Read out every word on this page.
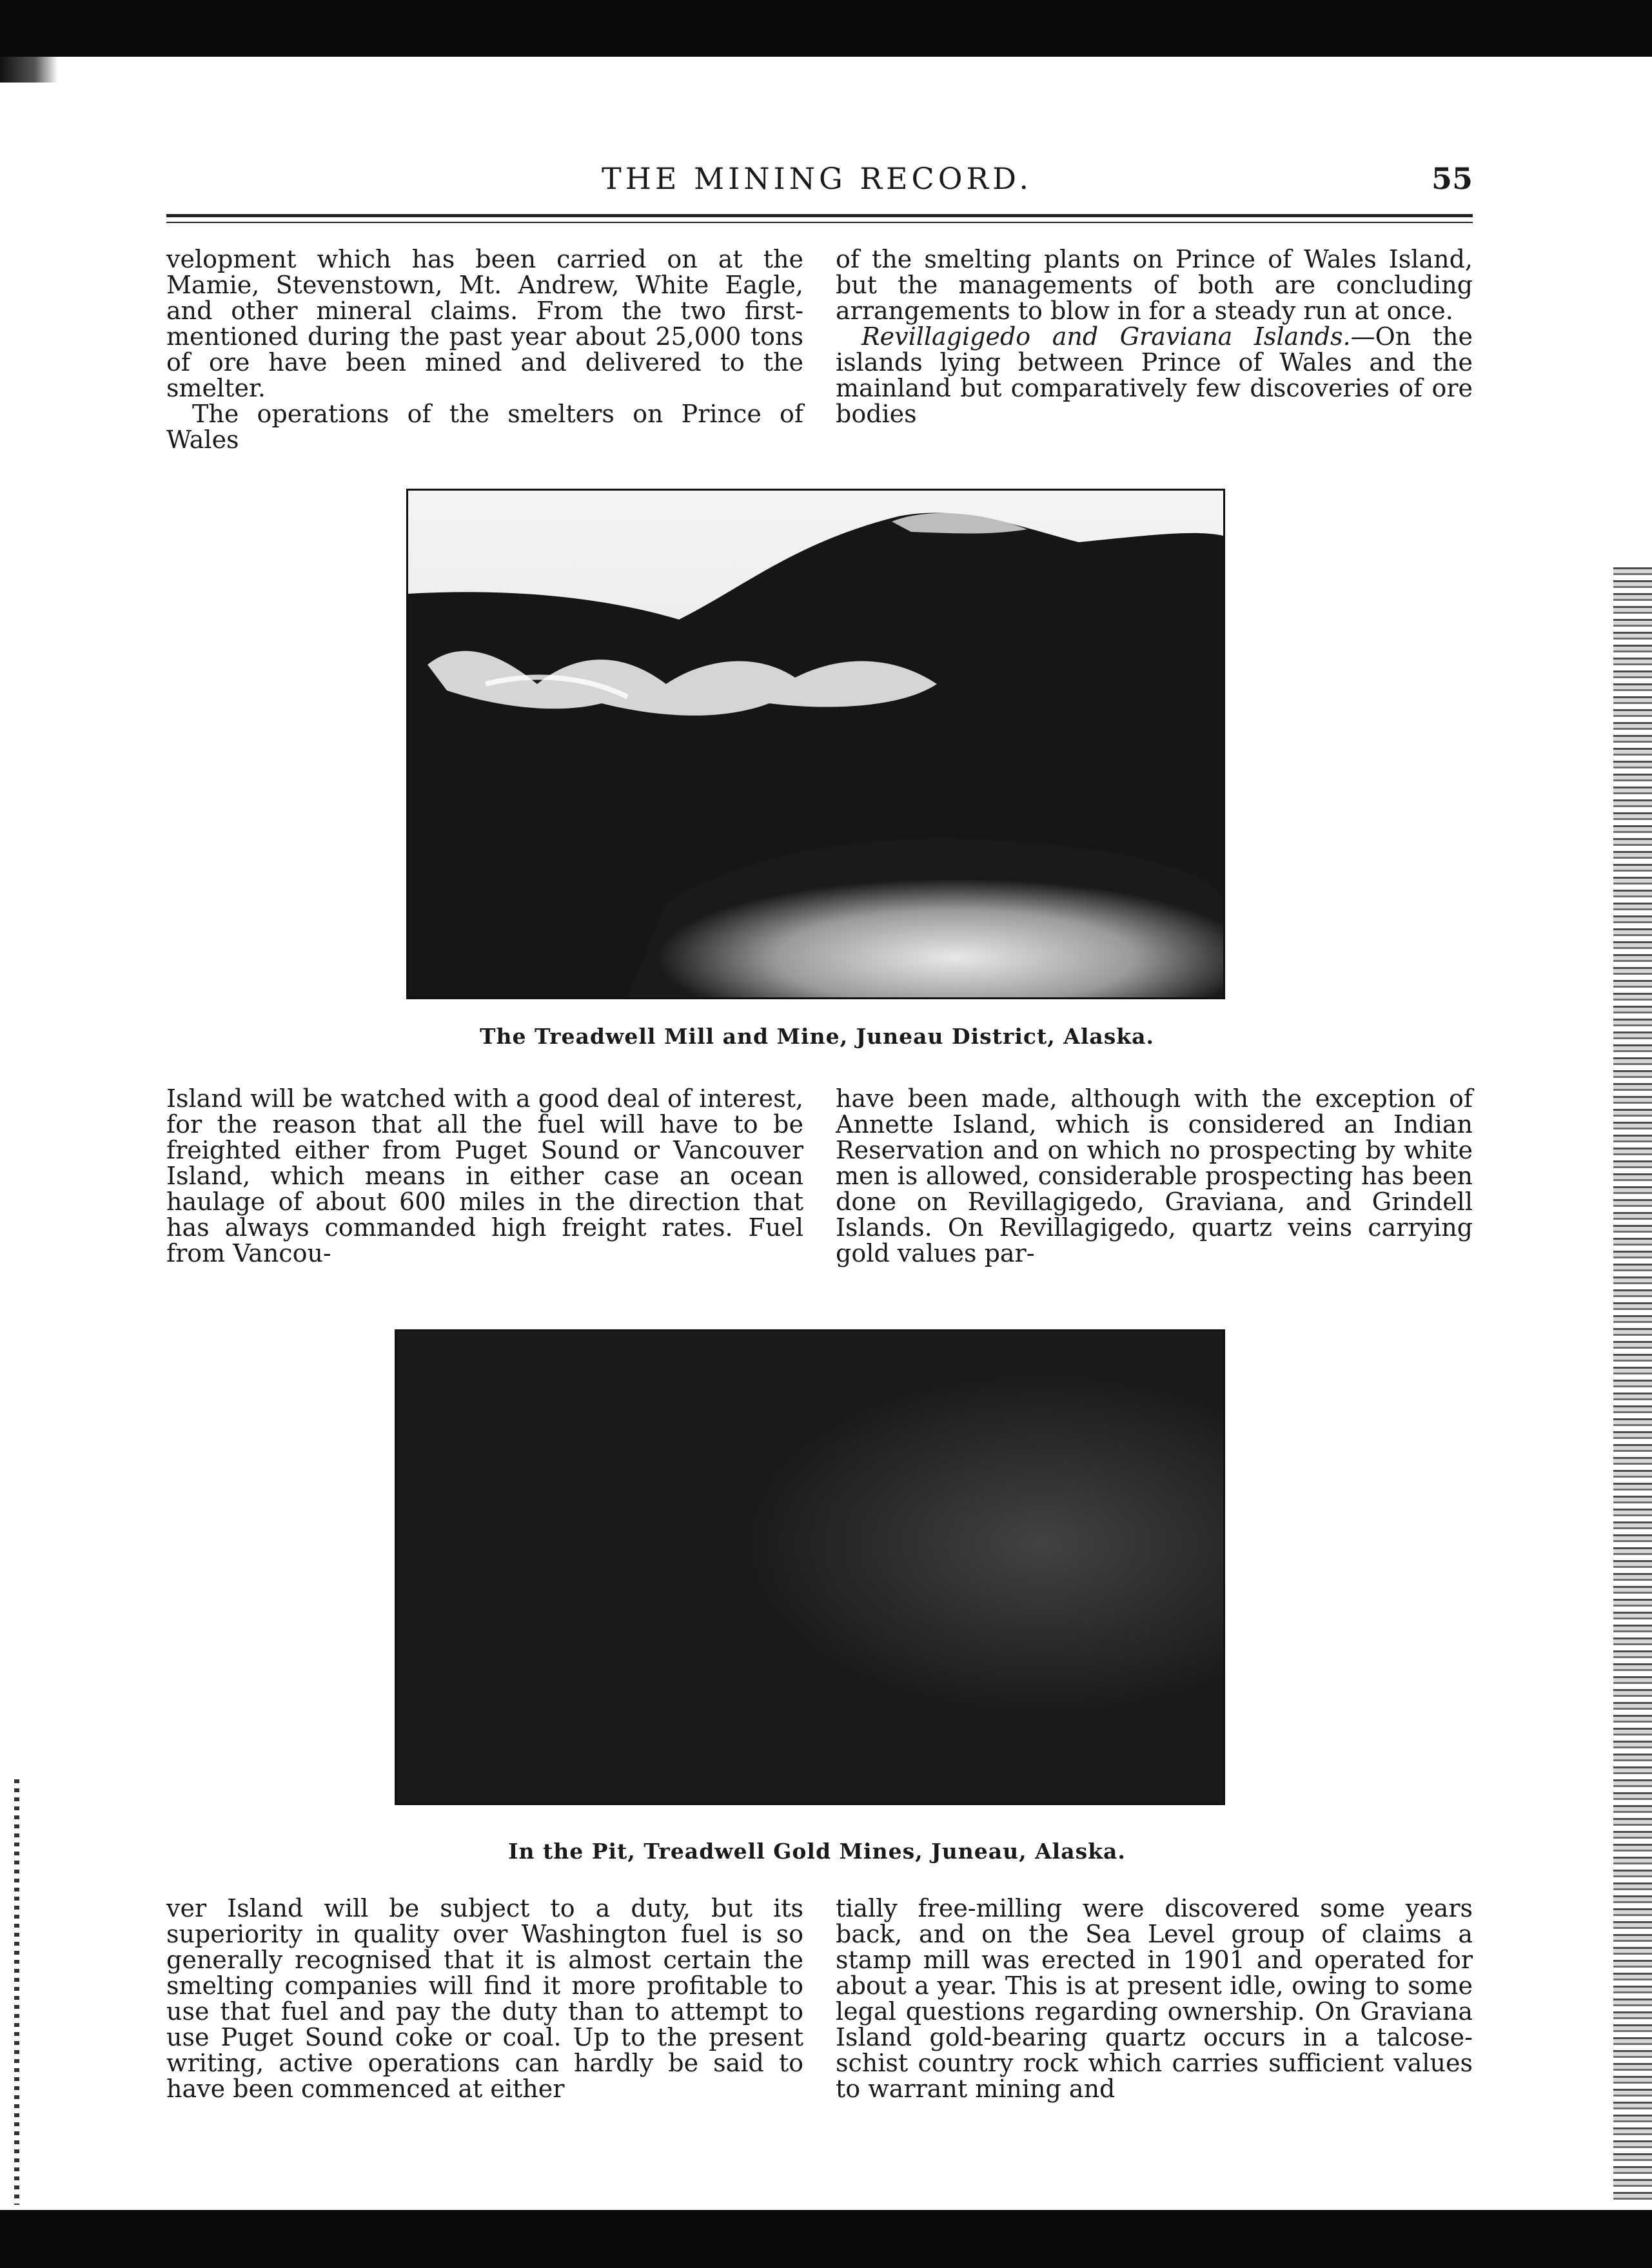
THE MINING RECORD.	55

velopment which has been carried on at the Mamie, Stevenstown, Mt. Andrew, White Eagle, and other mineral claims. From the two first-mentioned during the past year about 25,000 tons of ore have been mined and delivered to the smelter.

The operations of the smelters on Prince of Wales

of the smelting plants on Prince of Wales Island, but the managements of both are concluding arrangements to blow in for a steady run at once.

Revillagigedo and Graviana Islands.—On the islands lying between Prince of Wales and the mainland but comparatively few discoveries of ore bodies

The Treadwell Mill and Mine, Juneau District, Alaska.

Island will be watched with a good deal of interest, for the reason that all the fuel will have to be freighted either from Puget Sound or Vancouver Island, which means in either case an ocean haulage of about 600 miles in the direction that has always commanded high freight rates. Fuel from Vancou-

have been made, although with the exception of Annette Island, which is considered an Indian Reservation and on which no prospecting by white men is allowed, considerable prospecting has been done on Revillagigedo, Graviana, and Grindell Islands. On Revillagigedo, quartz veins carrying gold values par-

In the Pit, Treadwell Gold Mines, Juneau, Alaska.

ver Island will be subject to a duty, but its superiority in quality over Washington fuel is so generally recognised that it is almost certain the smelting companies will find it more profitable to use that fuel and pay the duty than to attempt to use Puget Sound coke or coal. Up to the present writing, active operations can hardly be said to have been commenced at either

tially free-milling were discovered some years back, and on the Sea Level group of claims a stamp mill was erected in 1901 and operated for about a year. This is at present idle, owing to some legal questions regarding ownership. On Graviana Island gold-bearing quartz occurs in a talcose-schist country rock which carries sufficient values to warrant mining and
